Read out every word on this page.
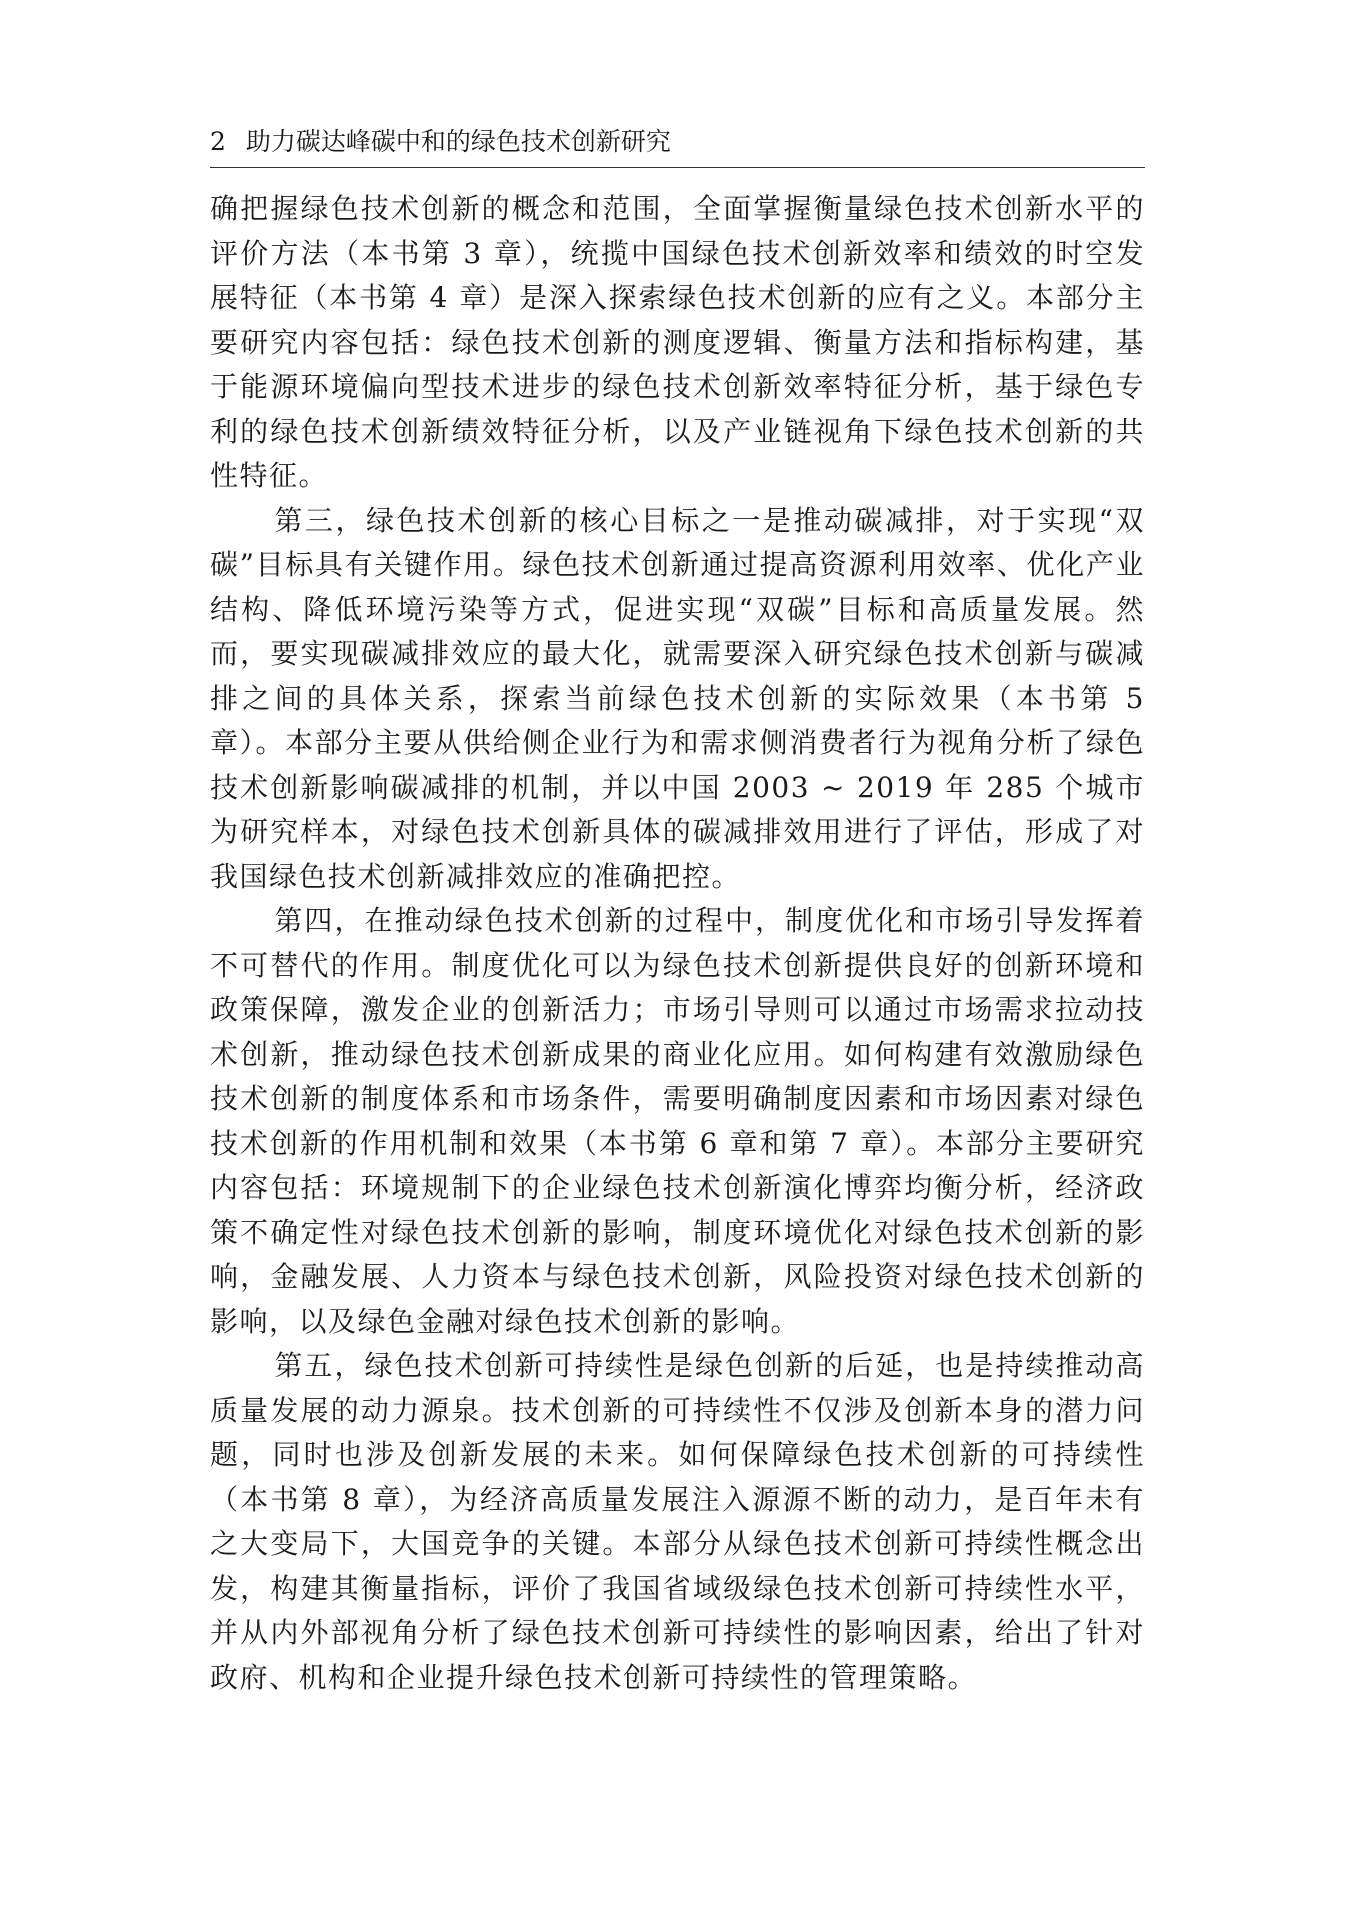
2 助力碳达峰碳中和的绿色技术创新研究

确把握绿色技术创新的概念和范围，全面掌握衡量绿色技术创新水平的评价方法（本书第 3 章），统揽中国绿色技术创新效率和绩效的时空发展特征（本书第 4 章）是深入探索绿色技术创新的应有之义。本部分主要研究内容包括：绿色技术创新的测度逻辑、衡量方法和指标构建，基于能源环境偏向型技术进步的绿色技术创新效率特征分析，基于绿色专利的绿色技术创新绩效特征分析，以及产业链视角下绿色技术创新的共性特征。

第三，绿色技术创新的核心目标之一是推动碳减排，对于实现“双碳”目标具有关键作用。绿色技术创新通过提高资源利用效率、优化产业结构、降低环境污染等方式，促进实现“双碳”目标和高质量发展。然而，要实现碳减排效应的最大化，就需要深入研究绿色技术创新与碳减排之间的具体关系，探索当前绿色技术创新的实际效果（本书第 5 章）。本部分主要从供给侧企业行为和需求侧消费者行为视角分析了绿色技术创新影响碳减排的机制，并以中国 2003 ~ 2019 年 285 个城市为研究样本，对绿色技术创新具体的碳减排效用进行了评估，形成了对我国绿色技术创新减排效应的准确把控。

第四，在推动绿色技术创新的过程中，制度优化和市场引导发挥着不可替代的作用。制度优化可以为绿色技术创新提供良好的创新环境和政策保障，激发企业的创新活力；市场引导则可以通过市场需求拉动技术创新，推动绿色技术创新成果的商业化应用。如何构建有效激励绿色技术创新的制度体系和市场条件，需要明确制度因素和市场因素对绿色技术创新的作用机制和效果（本书第 6 章和第 7 章）。本部分主要研究内容包括：环境规制下的企业绿色技术创新演化博弈均衡分析，经济政策不确定性对绿色技术创新的影响，制度环境优化对绿色技术创新的影响，金融发展、人力资本与绿色技术创新，风险投资对绿色技术创新的影响，以及绿色金融对绿色技术创新的影响。

第五，绿色技术创新可持续性是绿色创新的后延，也是持续推动高质量发展的动力源泉。技术创新的可持续性不仅涉及创新本身的潜力问题，同时也涉及创新发展的未来。如何保障绿色技术创新的可持续性（本书第 8 章），为经济高质量发展注入源源不断的动力，是百年未有之大变局下，大国竞争的关键。本部分从绿色技术创新可持续性概念出发，构建其衡量指标，评价了我国省域级绿色技术创新可持续性水平，并从内外部视角分析了绿色技术创新可持续性的影响因素，给出了针对政府、机构和企业提升绿色技术创新可持续性的管理策略。
